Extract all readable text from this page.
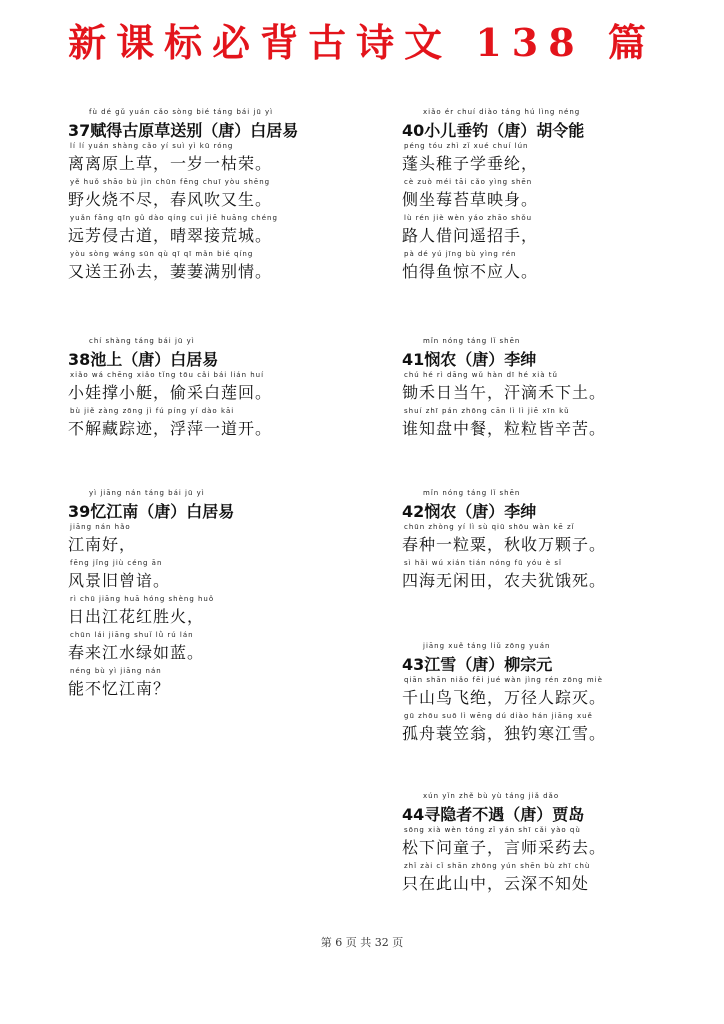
新课标必背古诗文 138 篇
fù dé gǔ yuán cǎo sòng bié táng bái jū yì
37赋得古原草送别（唐）白居易
lí lí yuán shàng cǎo yí suì yì kū róng
离离原上草，一岁一枯荣。
yě huǒ shāo bù jìn chūn fēng chuī yòu shēng
野火烧不尽，春风吹又生。
yuǎn fāng qīn gǔ dào qíng cuì jiē huāng chéng
远芳侵古道，晴翠接荒城。
yòu sòng wáng sūn qù qī qī mǎn bié qíng
又送王孙去，萋萋满别情。
chí shàng táng bái jū yì
38池上（唐）白居易
xiǎo wá chēng xiǎo tǐng tōu cǎi bái lián huí
小娃撑小艇，偷采白莲回。
bù jiě zàng zōng jì fú píng yí dào kāi
不解藏踪迹，浮萍一道开。
yì jiāng nán táng bái jū yì
39忆江南（唐）白居易
jiāng nán hǎo
江南好，
fēng jǐng jiù céng ān
风景旧曾谙。
rì chū jiāng huā hóng shèng huǒ
日出江花红胜火，
chūn lái jiāng shuǐ lǜ rú lán
春来江水绿如蓝。
néng bù yì jiāng nán
能不忆江南？
xiǎo ér chuí diào táng hú lìng néng
40小儿垂钓（唐）胡令能
péng tóu zhì zǐ xué chuí lún
蓬头稚子学垂纶，
cè zuò méi tāi cǎo yìng shēn
侧坐莓苔草映身。
lù rén jiè wèn yáo zhāo shǒu
路人借问遥招手，
pà dé yú jīng bù yìng rén
怕得鱼惊不应人。
mǐn nóng táng lǐ shēn
41悯农（唐）李绅
chú hé rì dāng wǔ hàn dī hé xià tǔ
锄禾日当午，汗滴禾下土。
shuí zhī pán zhōng cān lì lì jiē xīn kǔ
谁知盘中餐，粒粒皆辛苦。
mǐn nóng táng lǐ shēn
42悯农（唐）李绅
chūn zhòng yí lì sù qiū shōu wàn kē zǐ
春种一粒粟，秋收万颗子。
sì hǎi wú xián tián nóng fū yóu è sǐ
四海无闲田，农夫犹饿死。
jiāng xuě táng liǔ zōng yuán
43江雪（唐）柳宗元
qiān shān niǎo fēi jué wàn jìng rén zōng miè
千山鸟飞绝，万径人踪灭。
gū zhōu suō lì wēng dú diào hán jiāng xuě
孤舟蓑笠翁，独钓寒江雪。
xún yǐn zhě bù yù táng jiǎ dǎo
44寻隐者不遇（唐）贾岛
sōng xià wèn tóng zǐ yán shī cǎi yào qù
松下问童子，言师采药去。
zhǐ zài cǐ shān zhōng yún shēn bù zhī chù
只在此山中，云深不知处
第 6 页 共 32 页
